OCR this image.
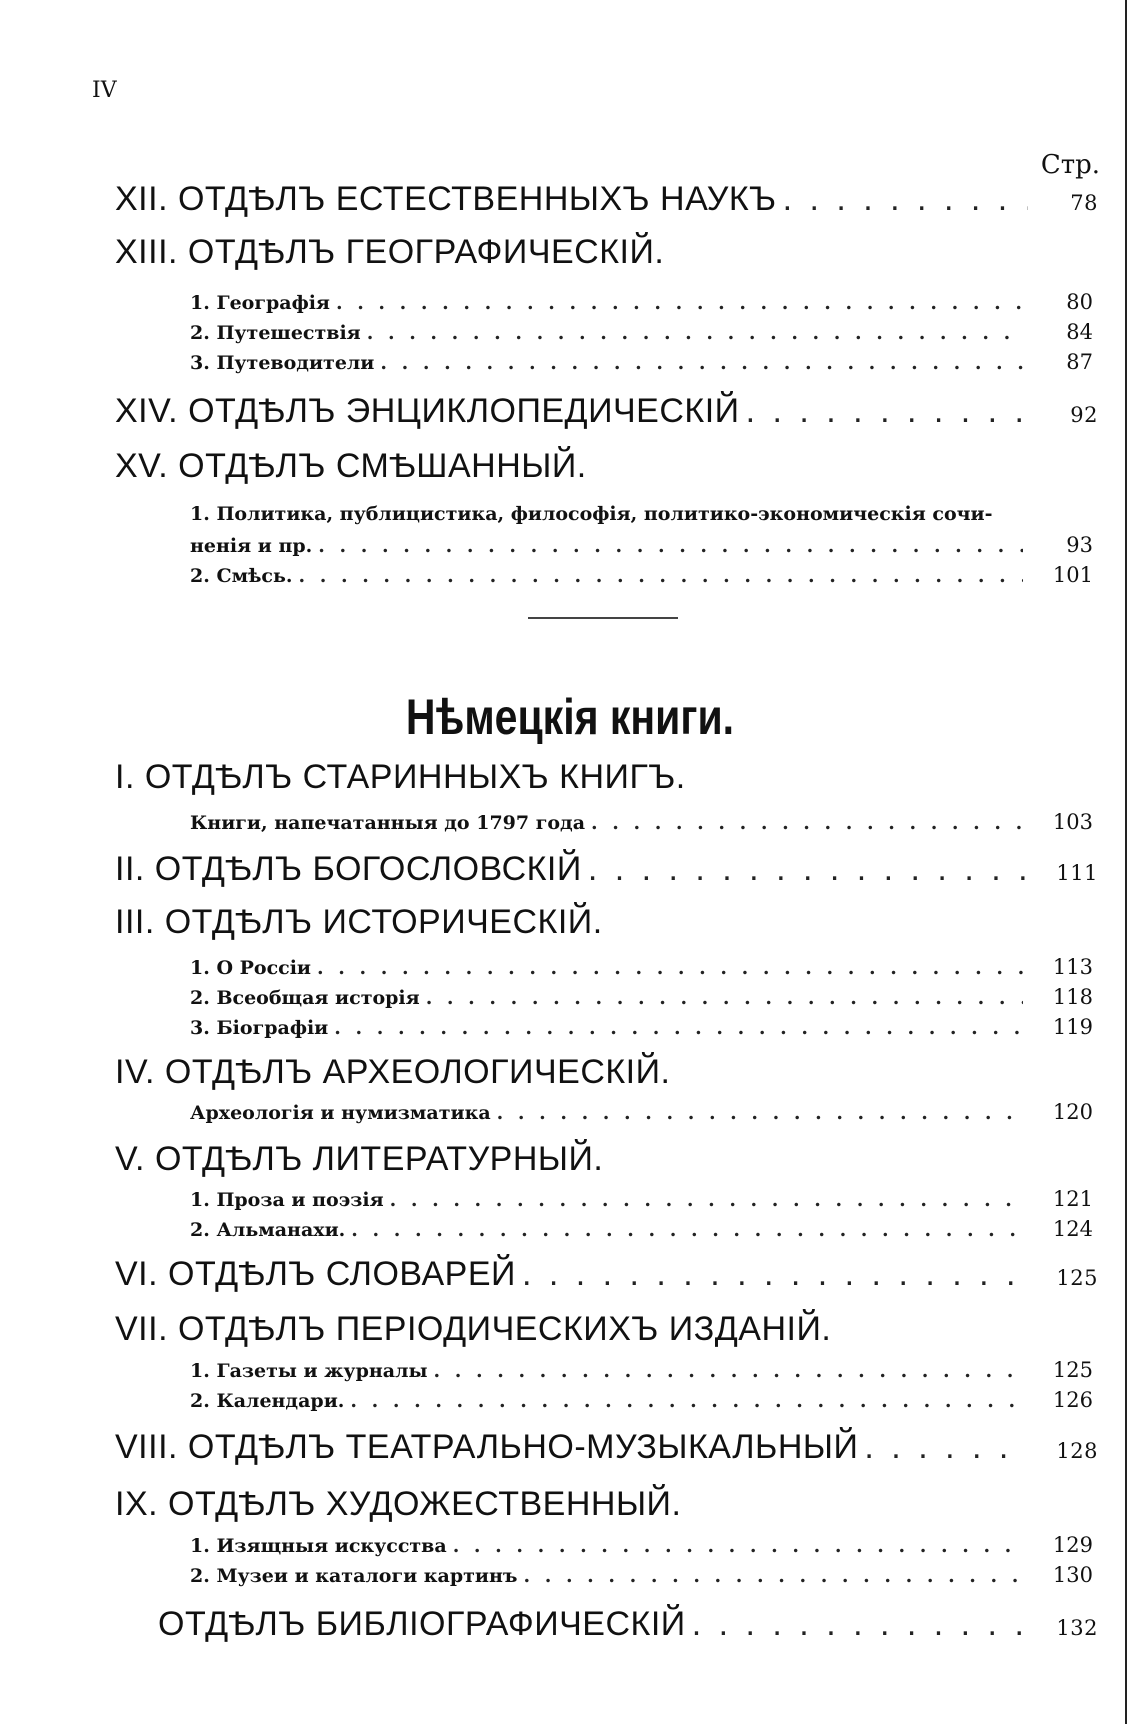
IV
Стр.
XII. ОТДѢЛЪ ЕСТЕСТВЕННЫХЪ НАУКЪ . . .	78
XIII. ОТДѢЛЪ ГЕОГРАФИЧЕСКІЙ.
1. Географія . . .	80
2. Путешествія . . .	84
3. Путеводители . . .	87
XIV. ОТДѢЛЪ ЭНЦИКЛОПЕДИЧЕСКІЙ . . .	92
XV. ОТДѢЛЪ СМѢШАННЫЙ.
1. Политика, публицистика, философія, политико-экономическія сочи-
ненія и пр. . . .	93
2. Смѣсь. . . .	101
Нѣмецкія книги.
I. ОТДѢЛЪ СТАРИННЫХЪ КНИГЪ.
Книги, напечатанныя до 1797 года . . .	103
II. ОТДѢЛЪ БОГОСЛОВСКІЙ . . .	111
III. ОТДѢЛЪ ИСТОРИЧЕСКІЙ.
1. О Россіи . . .	113
2. Всеобщая исторія . . .	118
3. Біографіи . . .	119
IV. ОТДѢЛЪ АРХЕОЛОГИЧЕСКІЙ.
Археологія и нумизматика . . .	120
V. ОТДѢЛЪ ЛИТЕРАТУРНЫЙ.
1. Проза и поэзія . . .	121
2. Альманахи. . . .	124
VI. ОТДѢЛЪ СЛОВАРЕЙ . . .	125
VII. ОТДѢЛЪ ПЕРІОДИЧЕСКИХЪ ИЗДАНІЙ.
1. Газеты и журналы . . .	125
2. Календари. . . .	126
VIII. ОТДѢЛЪ ТЕАТРАЛЬНО-МУЗЫКАЛЬНЫЙ . . .	128
IX. ОТДѢЛЪ ХУДОЖЕСТВЕННЫЙ.
1. Изящныя искусства . . .	129
2. Музеи и каталоги картинъ . . .	130
ОТДѢЛЪ БИБЛІОГРАФИЧЕСКІЙ . . .	132
